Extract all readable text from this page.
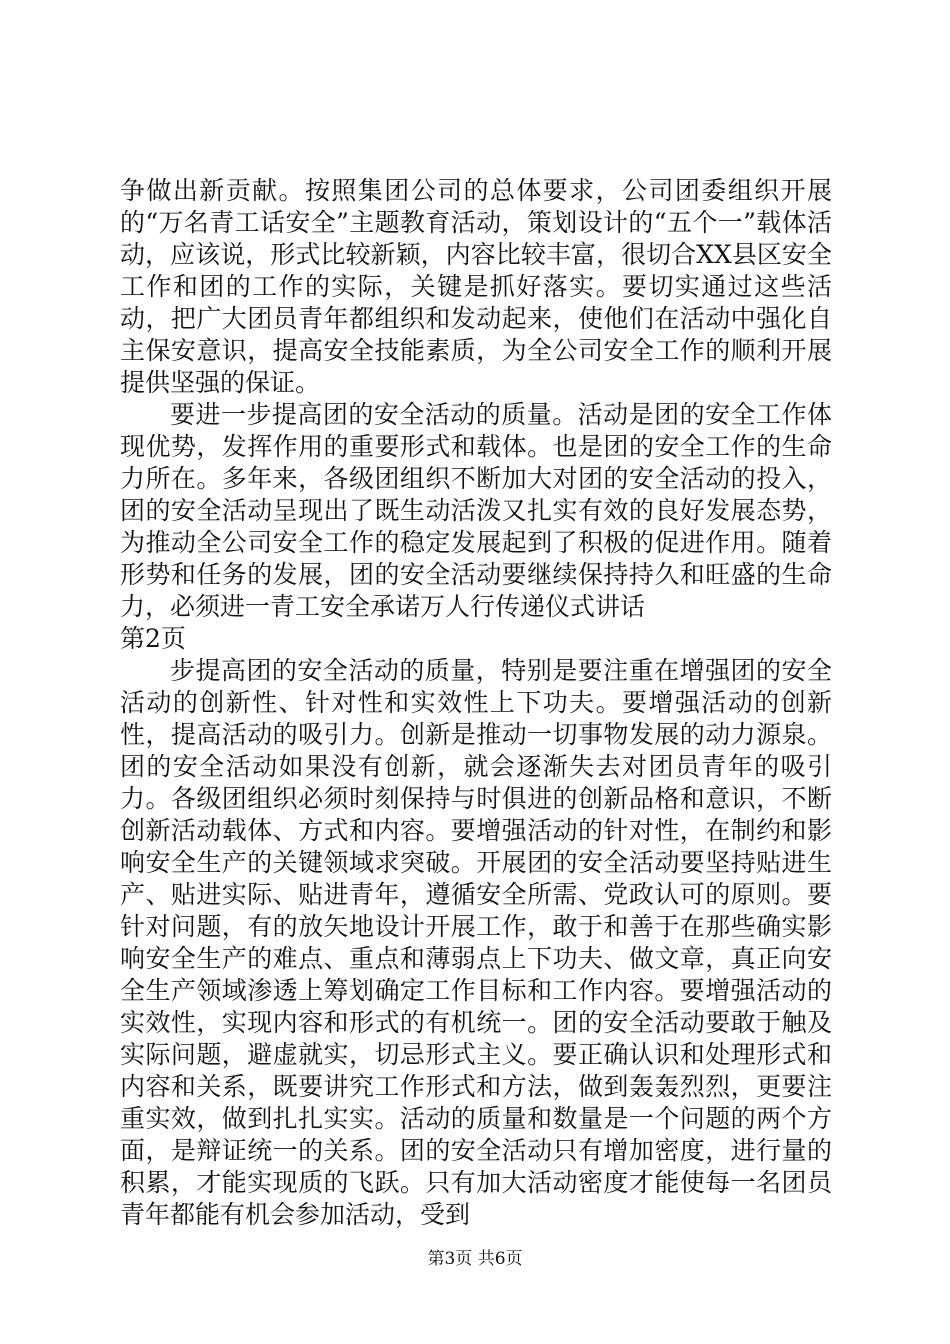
争做出新贡献。按照集团公司的总体要求，公司团委组织开展的“万名青工话安全”主题教育活动，策划设计的“五个一”载体活动，应该说，形式比较新颖，内容比较丰富，很切合XX县区安全工作和团的工作的实际，关键是抓好落实。要切实通过这些活动，把广大团员青年都组织和发动起来，使他们在活动中强化自主保安意识，提高安全技能素质，为全公司安全工作的顺利开展提供坚强的保证。

要进一步提高团的安全活动的质量。活动是团的安全工作体现优势，发挥作用的重要形式和载体。也是团的安全工作的生命力所在。多年来，各级团组织不断加大对团的安全活动的投入，团的安全活动呈现出了既生动活泼又扎实有效的良好发展态势，为推动全公司安全工作的稳定发展起到了积极的促进作用。随着形势和任务的发展，团的安全活动要继续保持持久和旺盛的生命力，必须进一青工安全承诺万人行传递仪式讲话

第2页

步提高团的安全活动的质量，特别是要注重在增强团的安全活动的创新性、针对性和实效性上下功夫。要增强活动的创新性，提高活动的吸引力。创新是推动一切事物发展的动力源泉。团的安全活动如果没有创新，就会逐渐失去对团员青年的吸引力。各级团组织必须时刻保持与时俱进的创新品格和意识，不断创新活动载体、方式和内容。要增强活动的针对性，在制约和影响安全生产的关键领域求突破。开展团的安全活动要坚持贴进生产、贴进实际、贴进青年，遵循安全所需、党政认可的原则。要针对问题，有的放矢地设计开展工作，敢于和善于在那些确实影响安全生产的难点、重点和薄弱点上下功夫、做文章，真正向安全生产领域渗透上筹划确定工作目标和工作内容。要增强活动的实效性，实现内容和形式的有机统一。团的安全活动要敢于触及实际问题，避虚就实，切忌形式主义。要正确认识和处理形式和内容和关系，既要讲究工作形式和方法，做到轰轰烈烈，更要注重实效，做到扎扎实实。活动的质量和数量是一个问题的两个方面，是辩证统一的关系。团的安全活动只有增加密度，进行量的积累，才能实现质的飞跃。只有加大活动密度才能使每一名团员青年都能有机会参加活动，受到

第3页 共6页
